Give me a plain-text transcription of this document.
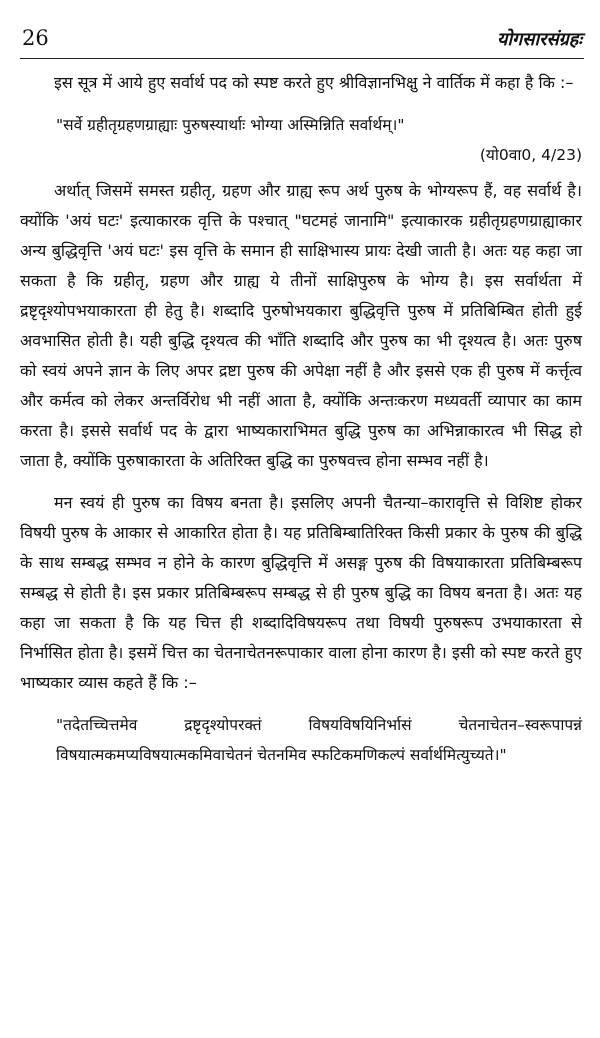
26	योगसारसंग्रहः

इस सूत्र में आये हुए सर्वार्थ पद को स्पष्ट करते हुए श्रीविज्ञानभिक्षु ने वार्तिक में कहा है कि :–

"सर्वे ग्रहीतृग्रहणग्राह्याः पुरुषस्यार्थाः भोग्या अस्मिन्निति सर्वार्थम्।"

(यो0वा0, 4/23)

अर्थात् जिसमें समस्त ग्रहीतृ, ग्रहण और ग्राह्य रूप अर्थ पुरुष के भोग्यरूप हैं, वह सर्वार्थ है। क्योंकि 'अयं घटः' इत्याकारक वृत्ति के पश्चात् "घटमहं जानामि" इत्याकारक ग्रहीतृग्रहणग्राह्याकार अन्य बुद्धिवृत्ति 'अयं घटः' इस वृत्ति के समान ही साक्षिभास्य प्रायः देखी जाती है। अतः यह कहा जा सकता है कि ग्रहीतृ, ग्रहण और ग्राह्य ये तीनों साक्षिपुरुष के भोग्य है। इस सर्वार्थता में द्रष्टृदृश्योपभयाकारता ही हेतु है। शब्दादि पुरुषोभयकारा बुद्धिवृत्ति पुरुष में प्रतिबिम्बित होती हुई अवभासित होती है। यही बुद्धि दृश्यत्व की भाँति शब्दादि और पुरुष का भी दृश्यत्व है। अतः पुरुष को स्वयं अपने ज्ञान के लिए अपर द्रष्टा पुरुष की अपेक्षा नहीं है और इससे एक ही पुरुष में कर्त्तृत्व और कर्मत्व को लेकर अन्तर्विरोध भी नहीं आता है, क्योंकि अन्तःकरण मध्यवर्ती व्यापार का काम करता है। इससे सर्वार्थ पद के द्वारा भाष्यकाराभिमत बुद्धि पुरुष का अभिन्नाकारत्व भी सिद्ध हो जाता है, क्योंकि पुरुषाकारता के अतिरिक्त बुद्धि का पुरुषवत्त्व होना सम्भव नहीं है।

मन स्वयं ही पुरुष का विषय बनता है। इसलिए अपनी चैतन्या–कारावृत्ति से विशिष्ट होकर विषयी पुरुष के आकार से आकारित होता है। यह प्रतिबिम्बातिरिक्त किसी प्रकार के पुरुष की बुद्धि के साथ सम्बद्ध सम्भव न होने के कारण बुद्धिवृत्ति में असङ्ग पुरुष की विषयाकारता प्रतिबिम्बरूप सम्बद्ध से होती है। इस प्रकार प्रतिबिम्बरूप सम्बद्ध से ही पुरुष बुद्धि का विषय बनता है। अतः यह कहा जा सकता है कि यह चित्त ही शब्दादिविषयरूप तथा विषयी पुरुषरूप उभयाकारता से निर्भासित होता है। इसमें चित्त का चेतनाचेतनरूपाकार वाला होना कारण है। इसी को स्पष्ट करते हुए भाष्यकार व्यास कहते हैं कि :–

"तदेतच्चित्तमेव द्रष्टृदृश्योपरक्तं विषयविषयिनिर्भासं चेतनाचेतन–स्वरूपापन्नं विषयात्मकमप्यविषयात्मकमिवाचेतनं चेतनमिव स्फटिकमणिकल्पं सर्वार्थमित्युच्यते।"
